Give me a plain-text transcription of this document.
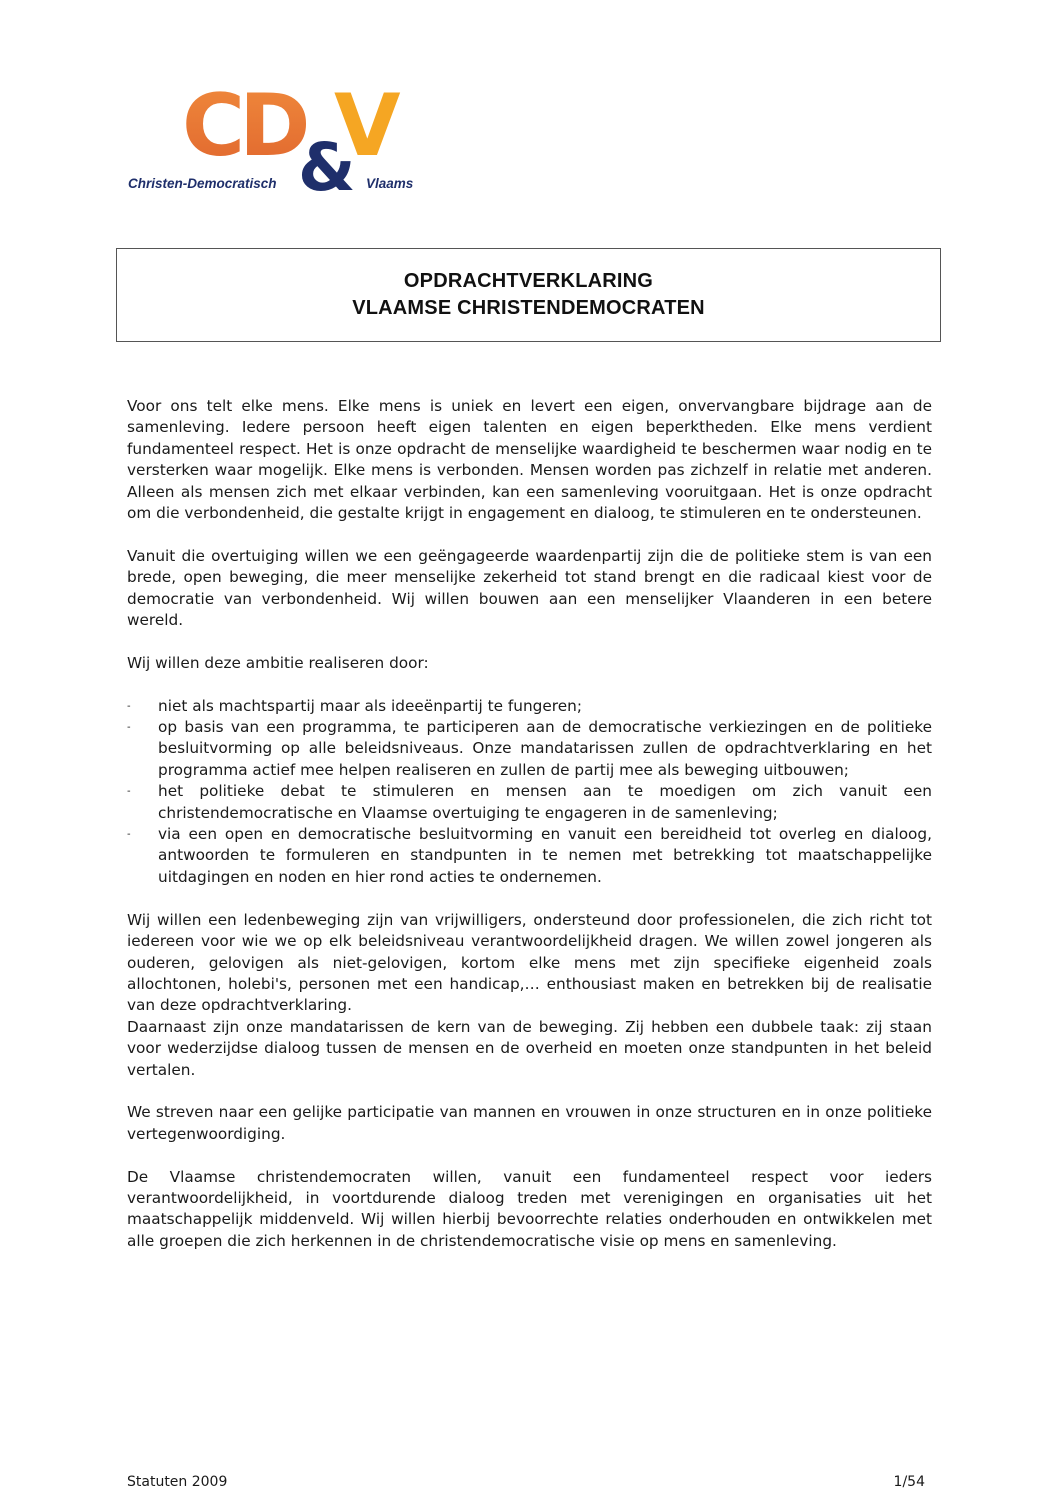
CD V
&
Christen-Democratisch	Vlaams
OPDRACHTVERKLARING
VLAAMSE CHRISTENDEMOCRATEN

Voor ons telt elke mens. Elke mens is uniek en levert een eigen, onvervangbare bijdrage aan de samenleving. Iedere persoon heeft eigen talenten en eigen beperktheden. Elke mens verdient fundamenteel respect. Het is onze opdracht de menselijke waardigheid te beschermen waar nodig en te versterken waar mogelijk. Elke mens is verbonden. Mensen worden pas zichzelf in relatie met anderen. Alleen als mensen zich met elkaar verbinden, kan een samenleving vooruitgaan. Het is onze opdracht om die verbondenheid, die gestalte krijgt in engagement en dialoog, te stimuleren en te ondersteunen.

Vanuit die overtuiging willen we een geëngageerde waardenpartij zijn die de politieke stem is van een brede, open beweging, die meer menselijke zekerheid tot stand brengt en die radicaal kiest voor de democratie van verbondenheid. Wij willen bouwen aan een menselijker Vlaanderen in een betere wereld.

Wij willen deze ambitie realiseren door:

- niet als machtspartij maar als ideeënpartij te fungeren;
- op basis van een programma, te participeren aan de democratische verkiezingen en de politieke besluitvorming op alle beleidsniveaus. Onze mandatarissen zullen de opdrachtverklaring en het programma actief mee helpen realiseren en zullen de partij mee als beweging uitbouwen;
- het politieke debat te stimuleren en mensen aan te moedigen om zich vanuit een christendemocratische en Vlaamse overtuiging te engageren in de samenleving;
- via een open en democratische besluitvorming en vanuit een bereidheid tot overleg en dialoog, antwoorden te formuleren en standpunten in te nemen met betrekking tot maatschappelijke uitdagingen en noden en hier rond acties te ondernemen.

Wij willen een ledenbeweging zijn van vrijwilligers, ondersteund door professionelen, die zich richt tot iedereen voor wie we op elk beleidsniveau verantwoordelijkheid dragen. We willen zowel jongeren als ouderen, gelovigen als niet-gelovigen, kortom elke mens met zijn specifieke eigenheid zoals allochtonen, holebi's, personen met een handicap,… enthousiast maken en betrekken bij de realisatie van deze opdrachtverklaring.

Daarnaast zijn onze mandatarissen de kern van de beweging. Zij hebben een dubbele taak: zij staan voor wederzijdse dialoog tussen de mensen en de overheid en moeten onze standpunten in het beleid vertalen.

We streven naar een gelijke participatie van mannen en vrouwen in onze structuren en in onze politieke vertegenwoordiging.

De Vlaamse christendemocraten willen, vanuit een fundamenteel respect voor ieders verantwoordelijkheid, in voortdurende dialoog treden met verenigingen en organisaties uit het maatschappelijk middenveld. Wij willen hierbij bevoorrechte relaties onderhouden en ontwikkelen met alle groepen die zich herkennen in de christendemocratische visie op mens en samenleving.

Statuten 2009	1/54
